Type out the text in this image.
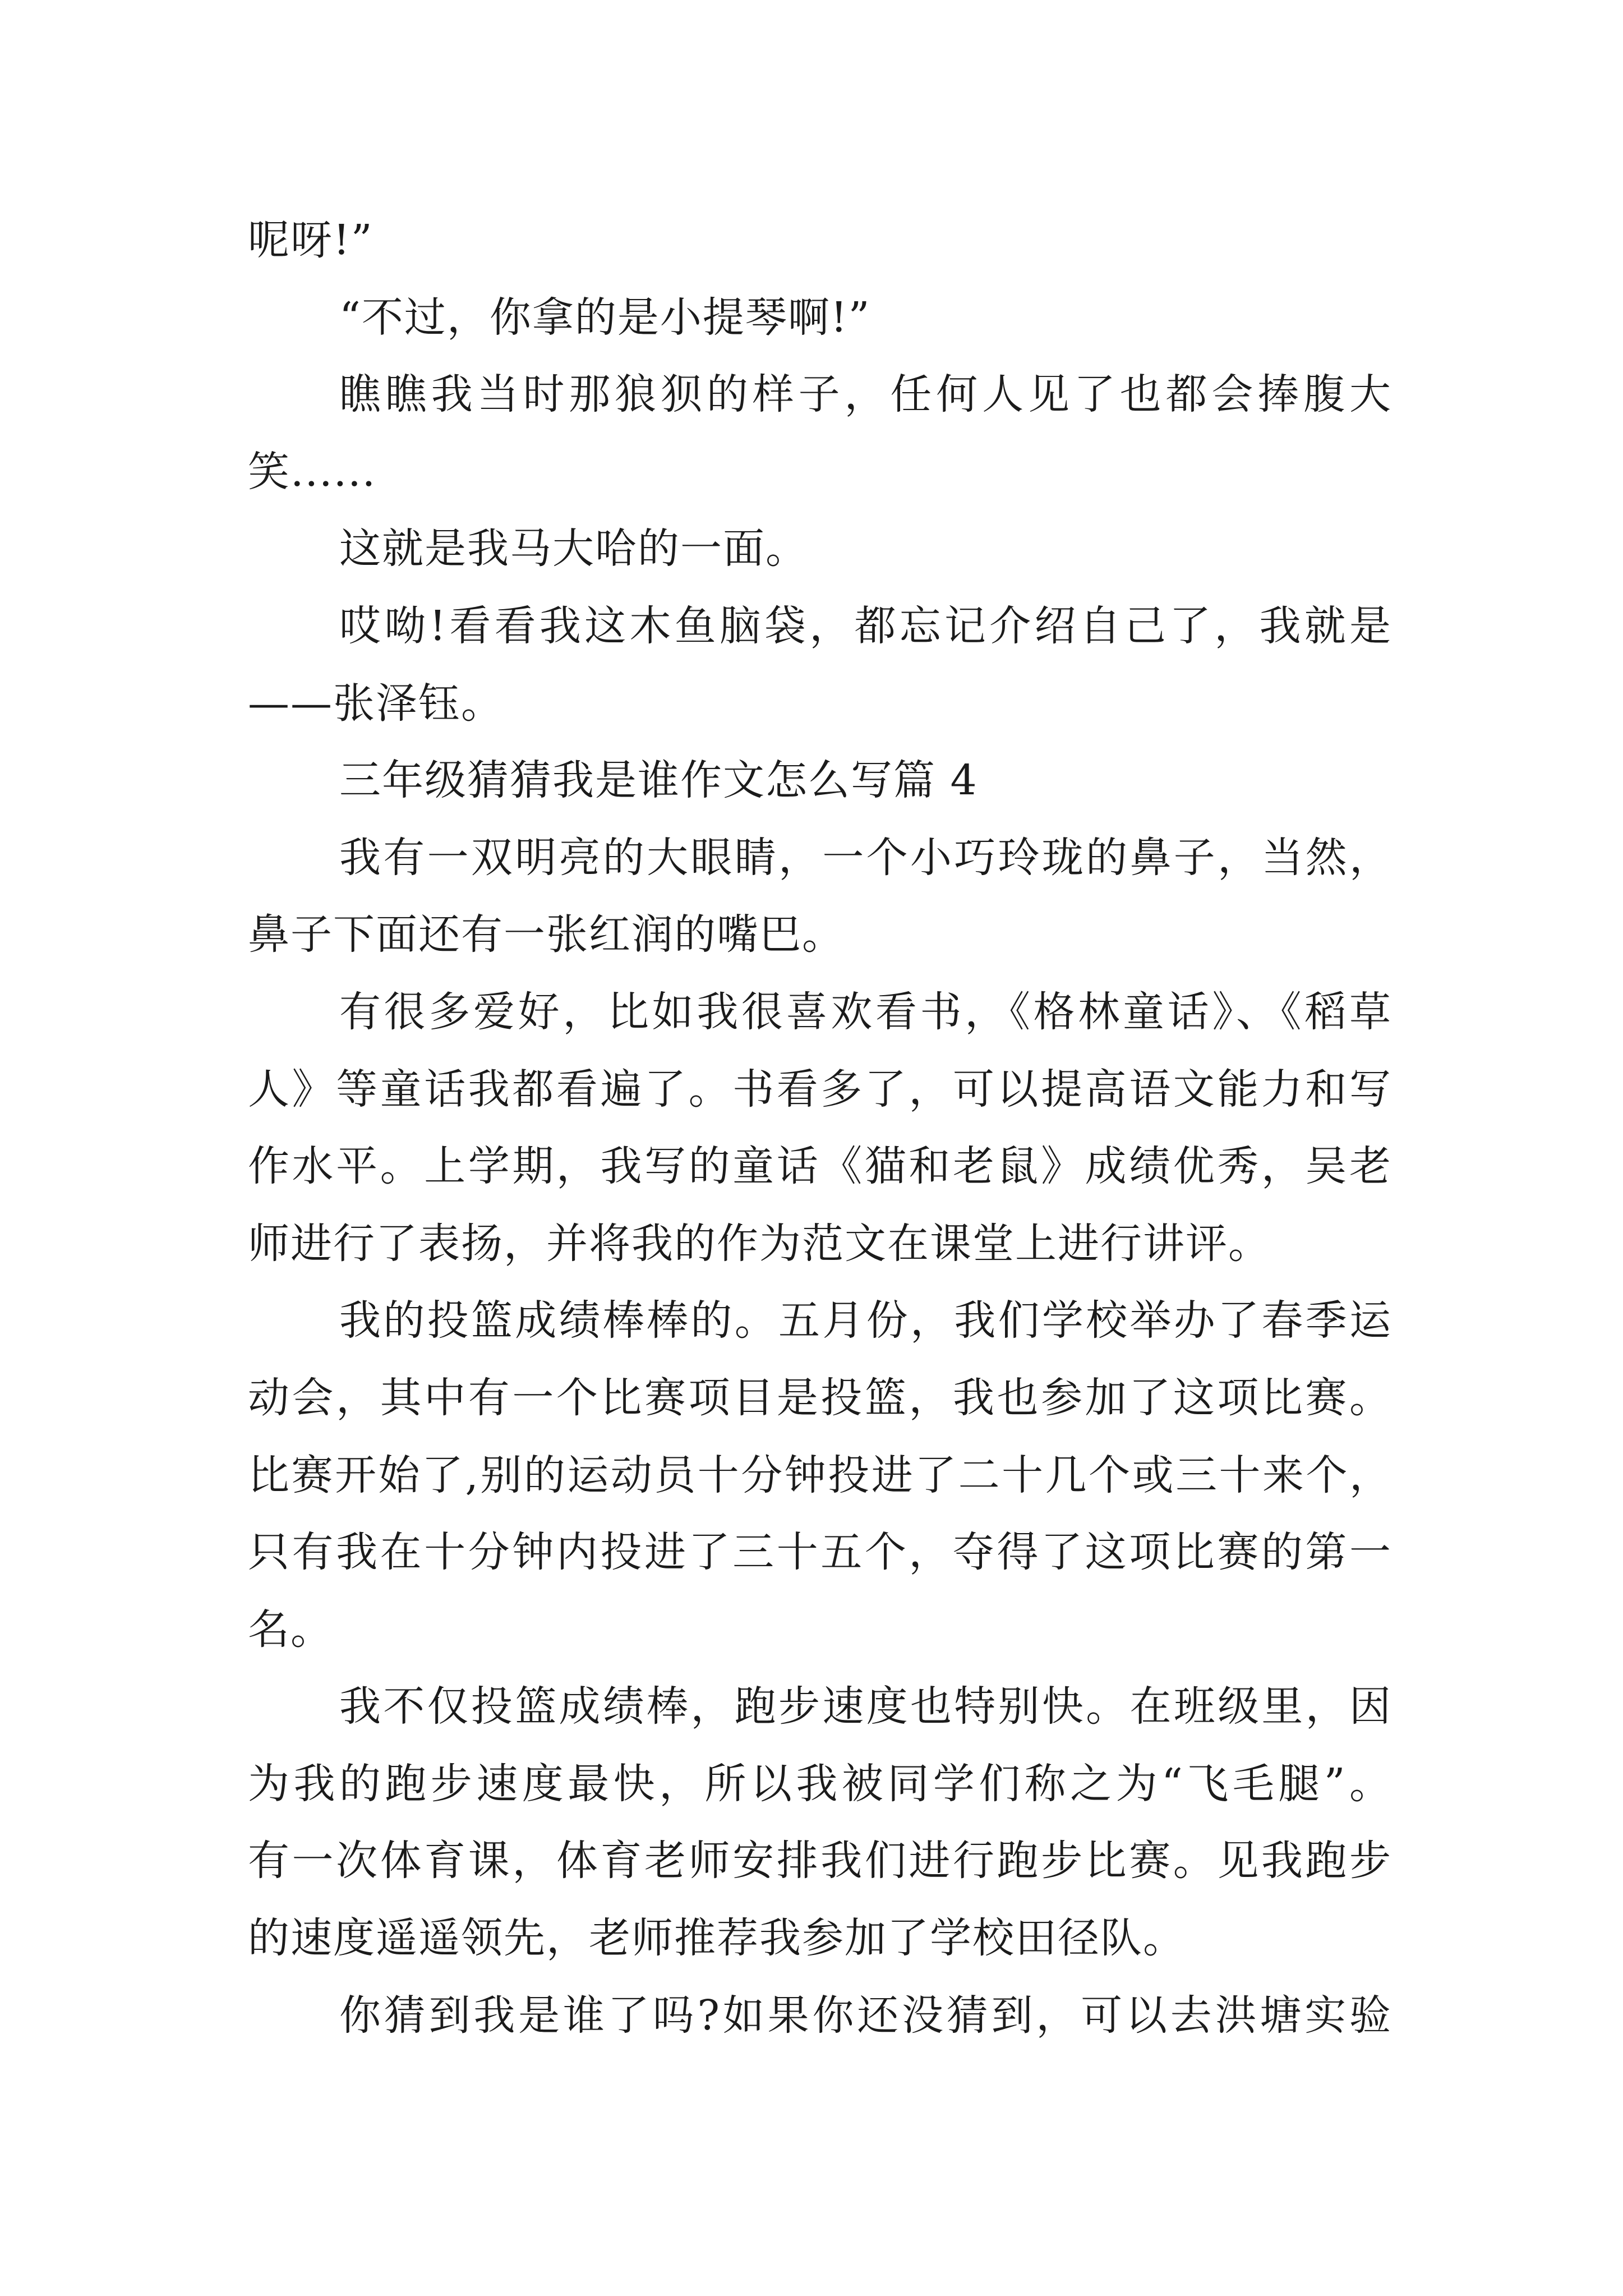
呢呀!”
“不过，你拿的是小提琴啊!”
瞧瞧我当时那狼狈的样子，任何人见了也都会捧腹大
笑......
这就是我马大哈的一面。
哎呦!看看我这木鱼脑袋，都忘记介绍自己了，我就是
——张泽钰。
三年级猜猜我是谁作文怎么写篇 4
我有一双明亮的大眼睛，一个小巧玲珑的鼻子，当然，
鼻子下面还有一张红润的嘴巴。
有很多爱好，比如我很喜欢看书，《格林童话》、《稻草
人》等童话我都看遍了。书看多了，可以提高语文能力和写
作水平。上学期，我写的童话《猫和老鼠》成绩优秀，吴老
师进行了表扬，并将我的作为范文在课堂上进行讲评。
我的投篮成绩棒棒的。五月份，我们学校举办了春季运
动会，其中有一个比赛项目是投篮，我也参加了这项比赛。
比赛开始了,别的运动员十分钟投进了二十几个或三十来个，
只有我在十分钟内投进了三十五个，夺得了这项比赛的第一
名。
我不仅投篮成绩棒，跑步速度也特别快。在班级里，因
为我的跑步速度最快，所以我被同学们称之为“飞毛腿”。
有一次体育课，体育老师安排我们进行跑步比赛。见我跑步
的速度遥遥领先，老师推荐我参加了学校田径队。
你猜到我是谁了吗?如果你还没猜到，可以去洪塘实验
